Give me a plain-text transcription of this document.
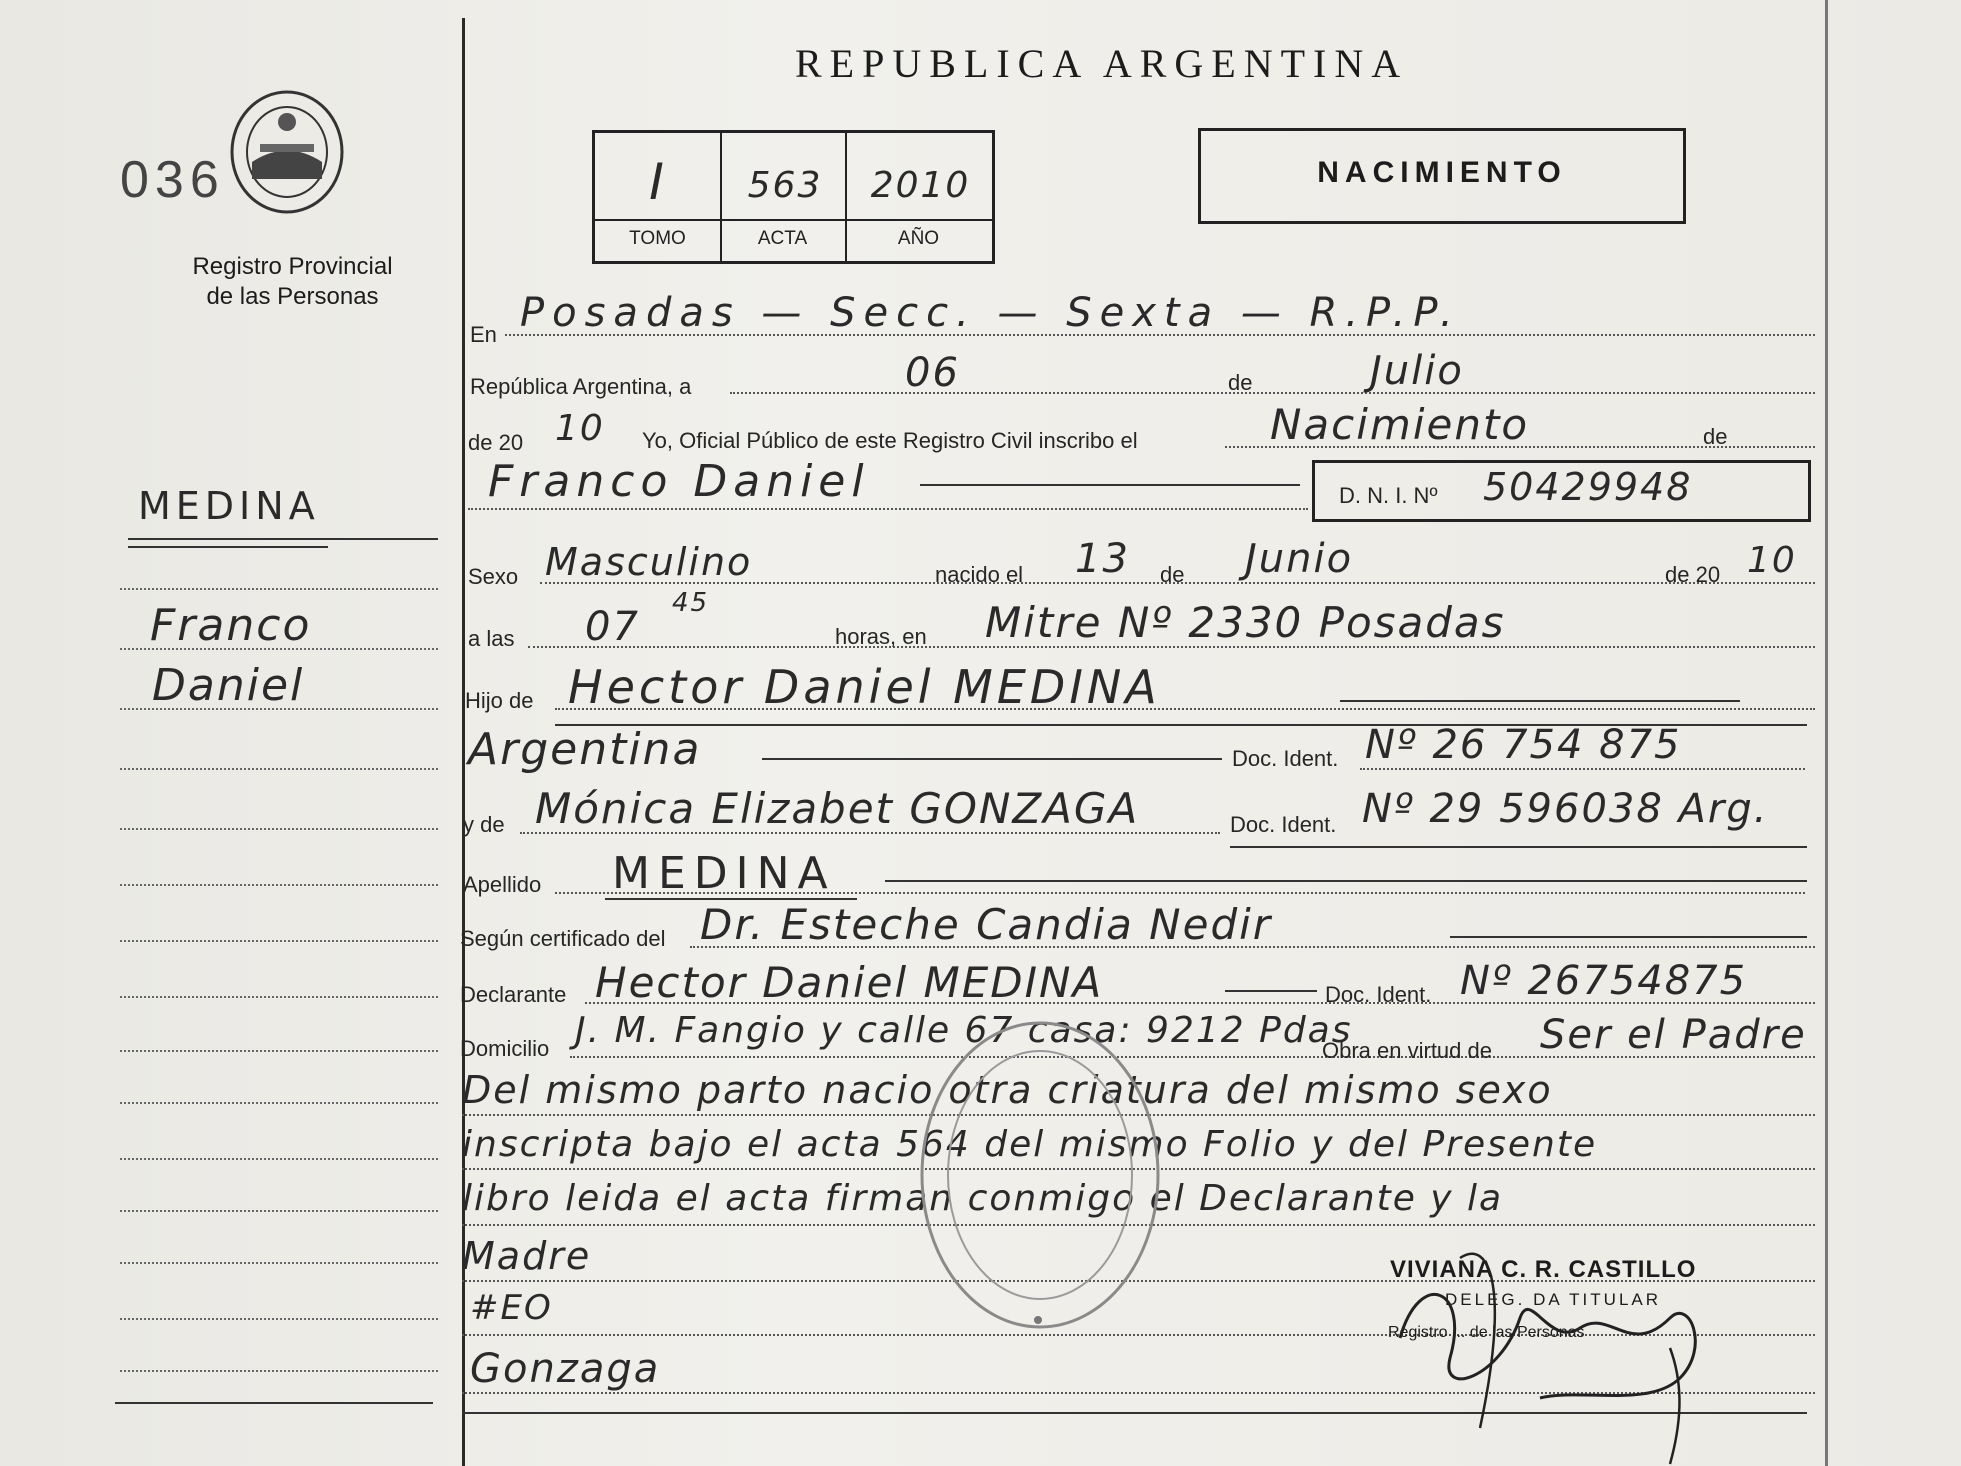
REPUBLICA ARGENTINA
036
Registro Provincial
de las Personas
I	563	2010
TOMO	ACTA	AÑO
NACIMIENTO
MEDINA
Franco
Daniel
En Posadas — Secc. — Sexta — R.P.P.
República Argentina, a	06	de	Julio
de 20 10 Yo, Oficial Público de este Registro Civil inscribo el	Nacimiento	de
Franco Daniel	D. N. I. Nº 50429948
Sexo Masculino	nacido el 13 de Junio	de 20 10
a las 07
45
horas, en Mitre Nº 2330 Posadas
Hijo de Hector Daniel MEDINA
Argentina	Doc. Ident. Nº 26 754 875
y de Mónica Elizabet GONZAGA	Doc. Ident. Nº 29 596038 Arg.
Apellido MEDINA
Según certificado del Dr. Esteche Candia Nedir
Declarante Hector Daniel MEDINA	Doc. Ident. Nº 26754875
Domicilio J. M. Fangio y calle 67 casa: 9212 Pdas
Obra en virtud de Ser el Padre
Del mismo parto nacio otra criatura del mismo sexo
inscripta bajo el acta 564 del mismo Folio y del Presente
libro leida el acta firman conmigo el Declarante y la
Madre
#EO
Gonzaga
VIVIANA C. R. CASTILLO
DELEG. DA TITULAR
Registro ... de las Personas
